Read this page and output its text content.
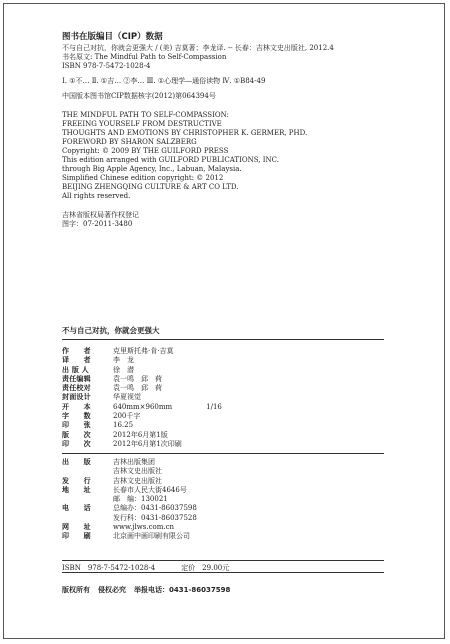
图书在版编目（CIP）数据
不与自己对抗，你就会更强大 / (美) 吉莫著；李龙译. -- 长春：吉林文史出版社, 2012.4
书名原文: The Mindful Path to Self-Compassion
ISBN 978-7-5472-1028-4
Ⅰ. ①不… Ⅱ. ①吉… ②李… Ⅲ. ①心理学—通俗读物 Ⅳ. ①B84-49
中国版本图书馆CIP数据核字(2012)第064394号
THE MINDFUL PATH TO SELF-COMPASSION:
FREEING YOURSELF FROM DESTRUCTIVE
THOUGHTS AND EMOTIONS BY CHRISTOPHER K. GERMER, PHD.
FOREWORD BY SHARON SALZBERG
Copyright: © 2009 BY THE GUILFORD PRESS
This edition arranged with GUILFORD PUBLICATIONS, INC.
through Big Apple Agency, Inc., Labuan, Malaysia.
Simplified Chinese edition copyright: © 2012
BEIJING ZHENGQING CULTURE & ART CO LTD.
All rights reserved.
吉林省版权局著作权登记
图字：07-2011-3480
不与自己对抗，你就会更强大
作　　者	克里斯托弗·肯·吉莫
译　　者	李　龙
出 版 人	徐　潜
责任编辑	袁一鸣　邱　荷
责任校对	袁一鸣　邱　荷
封面设计	华夏视觉
开　　本	640mm×960mm	1/16
字　　数	200千字
印　　张	16.25
版　　次	2012年6月第1版
印　　次	2012年6月第1次印刷
出　　版	吉林出版集团
吉林文史出版社
发　　行	吉林文史出版社
地　　址	长春市人民大街4646号
邮　编：130021
电　　话	总编办：0431-86037598
发行科：0431-86037528
网　　址	www.jlws.com.cn
印　　刷	北京画中画印刷有限公司
ISBN　978-7-5472-1028-4	定价　29.00元
版权所有 侵权必究 举报电话：0431-86037598
